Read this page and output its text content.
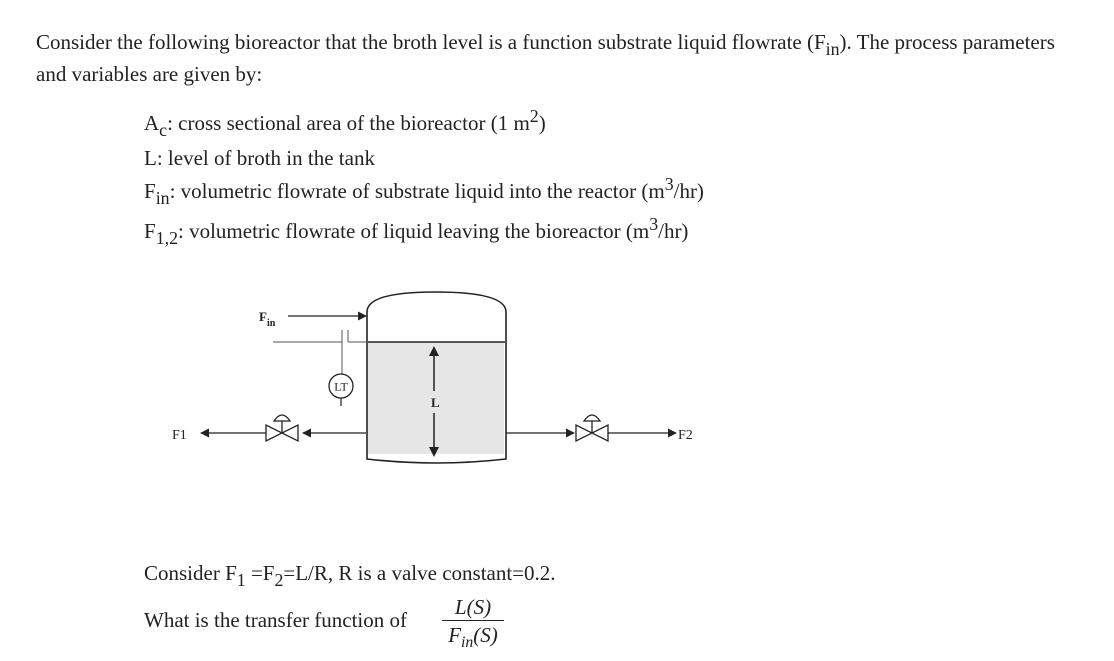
Consider the following bioreactor that the broth level is a function substrate liquid flowrate (Fin). The process parameters and variables are given by:

Ac: cross sectional area of the bioreactor (1 m2)
L: level of broth in the tank
Fin: volumetric flowrate of substrate liquid into the reactor (m3/hr)
F1,2: volumetric flowrate of liquid leaving the bioreactor (m3/hr)
L
$F_{in}$
LT
F1	F2
Consider F1 =F2=L/R, R is a valve constant=0.2.
What is the transfer function of
L(S)
$F_{in}(S)$
